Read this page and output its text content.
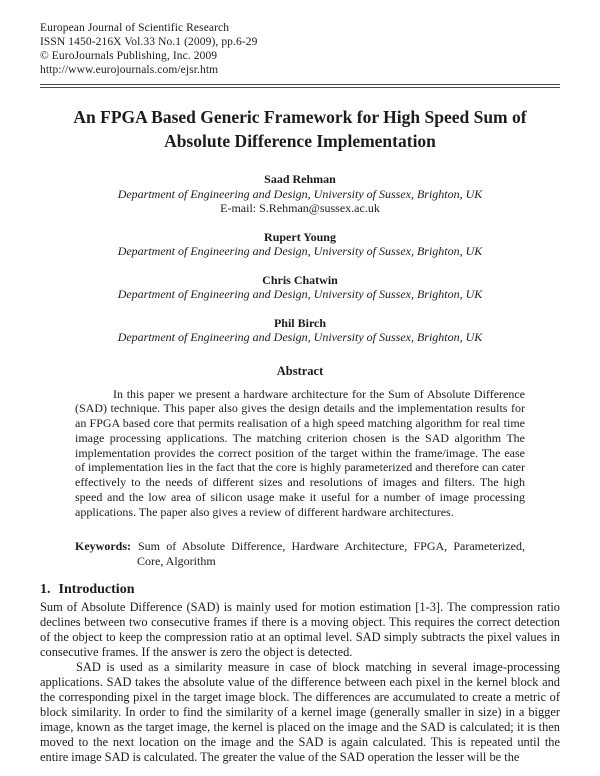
European Journal of Scientific Research
ISSN 1450-216X Vol.33 No.1 (2009), pp.6-29
© EuroJournals Publishing, Inc. 2009
http://www.eurojournals.com/ejsr.htm
An FPGA Based Generic Framework for High Speed Sum of Absolute Difference Implementation
Saad Rehman
Department of Engineering and Design, University of Sussex, Brighton, UK
E-mail: S.Rehman@sussex.ac.uk
Rupert Young
Department of Engineering and Design, University of Sussex, Brighton, UK
Chris Chatwin
Department of Engineering and Design, University of Sussex, Brighton, UK
Phil Birch
Department of Engineering and Design, University of Sussex, Brighton, UK
Abstract

In this paper we present a hardware architecture for the Sum of Absolute Difference (SAD) technique. This paper also gives the design details and the implementation results for an FPGA based core that permits realisation of a high speed matching algorithm for real time image processing applications. The matching criterion chosen is the SAD algorithm The implementation provides the correct position of the target within the frame/image. The ease of implementation lies in the fact that the core is highly parameterized and therefore can cater effectively to the needs of different sizes and resolutions of images and filters. The high speed and the low area of silicon usage make it useful for a number of image processing applications. The paper also gives a review of different hardware architectures.

Keywords: Sum of Absolute Difference, Hardware Architecture, FPGA, Parameterized, Core, Algorithm

1. Introduction

Sum of Absolute Difference (SAD) is mainly used for motion estimation [1-3]. The compression ratio declines between two consecutive frames if there is a moving object. This requires the correct detection of the object to keep the compression ratio at an optimal level. SAD simply subtracts the pixel values in consecutive frames. If the answer is zero the object is detected.

SAD is used as a similarity measure in case of block matching in several image-processing applications. SAD takes the absolute value of the difference between each pixel in the kernel block and the corresponding pixel in the target image block. The differences are accumulated to create a metric of block similarity. In order to find the similarity of a kernel image (generally smaller in size) in a bigger image, known as the target image, the kernel is placed on the image and the SAD is calculated; it is then moved to the next location on the image and the SAD is again calculated. This is repeated until the entire image SAD is calculated. The greater the value of the SAD operation the lesser will be the
